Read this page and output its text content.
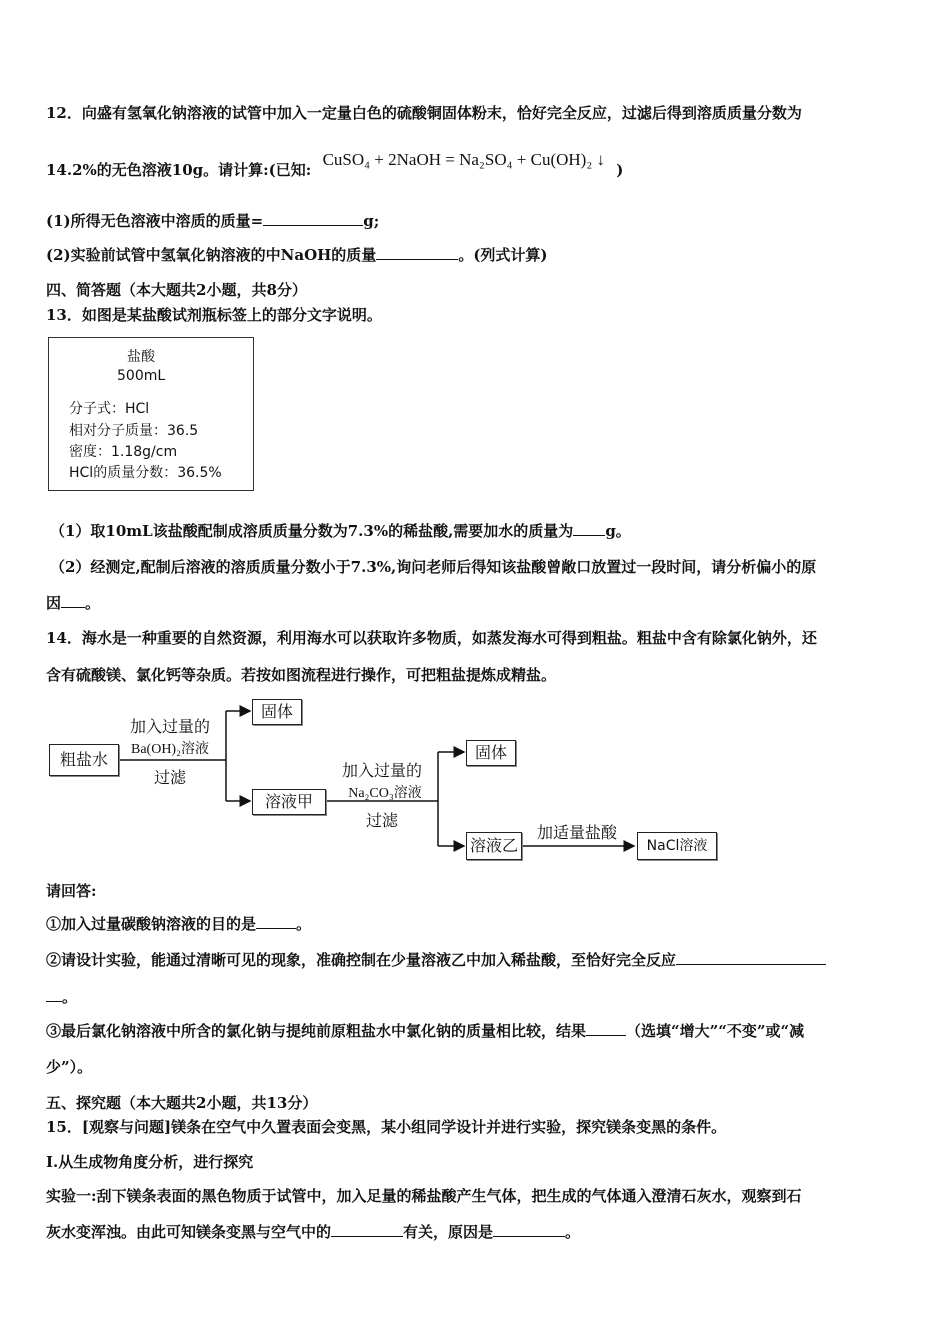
12．向盛有氢氧化钠溶液的试管中加入一定量白色的硫酸铜固体粉末，恰好完全反应，过滤后得到溶质质量分数为
14.2%的无色溶液10g。请计算:(已知: CuSO₄ + 2NaOH = Na₂SO₄ + Cu(OH)₂ ↓ )
(1)所得无色溶液中溶质的质量=	g;
(2)实验前试管中氢氧化钠溶液的中NaOH的质量	。(列式计算)
四、简答题（本大题共2小题，共8分）
13．如图是某盐酸试剂瓶标签上的部分文字说明。
盐酸
500mL
分子式：HCl
相对分子质量：36.5
密度：1.18g/cm
HCl的质量分数：36.5%
（1）取10mL该盐酸配制成溶质质量分数为7.3%的稀盐酸,需要加水的质量为 g。
（2）经测定,配制后溶液的溶质质量分数小于7.3%,询问老师后得知该盐酸曾敞口放置过一段时间，请分析偏小的原
因 。
14．海水是一种重要的自然资源，利用海水可以获取许多物质，如蒸发海水可得到粗盐。粗盐中含有除氯化钠外，还
含有硫酸镁、氯化钙等杂质。若按如图流程进行操作，可把粗盐提炼成精盐。
粗盐水
加入过量的
Ba(OH)₂溶液
过滤
固体
溶液甲
加入过量的
Na₂CO₃溶液
过滤
固体
溶液乙
加适量盐酸
NaCl溶液
请回答:
①加入过量碳酸钠溶液的目的是	。
②请设计实验，能通过清晰可见的现象，准确控制在少量溶液乙中加入稀盐酸，至恰好完全反应
。
③最后氯化钠溶液中所含的氯化钠与提纯前原粗盐水中氯化钠的质量相比较，结果	（选填“增大”“不变”或“减
少”）。
五、探究题（本大题共2小题，共13分）
15．[观察与问题]镁条在空气中久置表面会变黑，某小组同学设计并进行实验，探究镁条变黑的条件。
I.从生成物角度分析，进行探究
实验一:刮下镁条表面的黑色物质于试管中，加入足量的稀盐酸产生气体，把生成的气体通入澄清石灰水，观察到石
灰水变浑浊。由此可知镁条变黑与空气中的	有关，原因是	。
